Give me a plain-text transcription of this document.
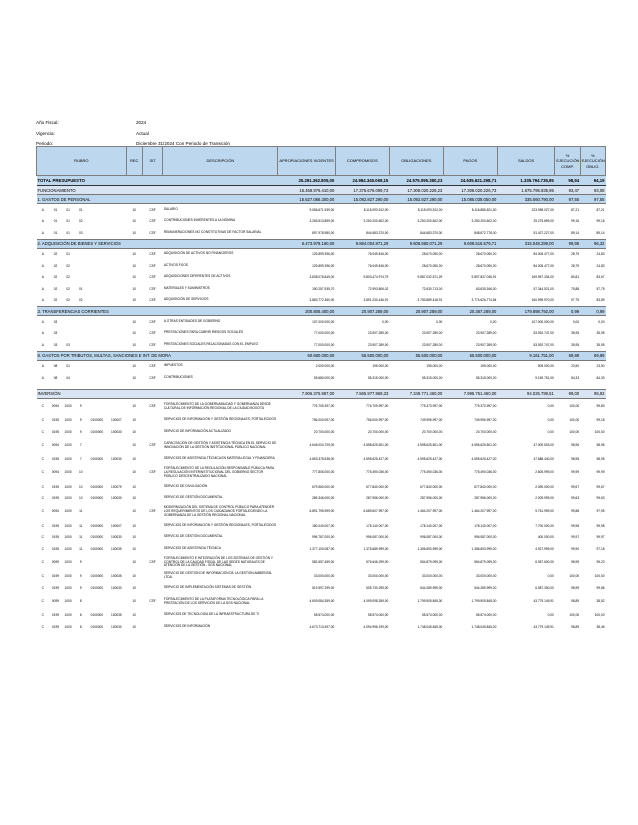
Año Fiscal:	2024
Vigencia:	Actual
Periodo:	Diciembre 31/2024 Con Periodo de Transición
RUBRO						REC	SIT	DESCRIPCIÓN	APROPIACIONES VIGENTES	COMPROMISOS	OBLIGACIONES	PAGOS	SALDOS	% EJECUCIÓN COMP.	% EJECUCIÓN OBLIG.
TOTAL PRESUPUESTO									25.291.362.805,00	24.984.345.069,15	24.575.095.380,23	24.635.621.298,71	1.335.794.735,95	98,94	94,19
FUNCIONAMIENTO									16.458.976.410,00	17.375.676.099,73	17.308.020.226,23	17.308.020.226,73	1.675.795.935,95	93,47	93,08
1. GASTOS DE PERSONAL									15.627.086.300,00	15.092.827.290,00	15.092.827.290,00	15.085.038.050,00	335.060.790,00	97,55	97,55
A	01	01	01			10	CSF	SALARIO	9.086.671.939,00	8.115.093.912,00	8.115.093.912,00	8.116.886.521,00	223.098.027,00	87,21	87,21
A	01	01	02			10	CSF	CONTRIBUCIONES INHERENTES A LA NÓMINA	3.265.513.899,00	3.250.200.602,00	3.250.200.602,00	3.250.200.602,00	29.275.899,00	99,16	99,16
A	01	01	03			10	CSF	REMUNERACIONES NO CONSTITUTIVAS DE FACTOR SALARIAL	897.978.980,00	844.683.370,00	844.683.370,00	848.672.778,00	51.427.227,00	89,14	89,14
2. ADQUISICIÓN DE BIENES Y SERVICIOS									6.473.978.160,00	9.884.004.871,29	9.608.860.071,29	9.608.516.579,71	315.048.289,00	99,96	96,32
A	02	01				10	CSF	ADQUISICIÓN DE ACTIVOS NO FINANCIEROS	129.899.396,00	76.049.816,00	28.670.050,00	28.670.050,00	84.005.477,00	28,79	24,83
A	02	02				10	CSF	ACTIVOS FIJOS	129.899.396,00	76.049.816,00	28.670.050,00	28.670.050,00	84.005.477,00	28,79	24,83
A	02	02				10	CSF	ADQUISICIONES DIFERENTES DE ACTIVOS	3.838.076.845,00	9.803.474.974,79	9.887.032.571,29	9.897.837.046,91	169.957.334,00	80,81	83,67
A	02	02	01			10	CSF	MATERIALES Y SUMINISTROS	190.257.935,70	72.993.806,02	72.630.713,00	63.635.166,00	57.344.521,00	75,88	57,75
A	02	02	02			10	CSF	ADQUISICIÓN DE SERVICIOS	3.883.772.360,00	3.891.230.446,91	3.783.889.418,91	3.774.626.774,84	160.599.970,00	97,79	83,89
3. TRANSFERENCIAS CORRIENTES									200.806.400,00	20.907.289,00	20.907.289,00	20.367.289,00	179.898.792,00	0,99	0,99
A	03					10	CSF	A OTRAS ENTIDADES DE GOBIERNO	107.000.000,00	0,00	0,00	0,00	107.000.000,00	0,00	0,00
A	03					10	CSF	PRESTACIONES PARA CUBRIR RIESGOS SOCIALES	77.000.000,00	23.907.289,00	23.907.289,00	23.907.289,00	53.092.747,00	35,95	35,95
A	03	03				10	CSF	PRESTACIONES SOCIALES RELACIONADAS CON EL EMPLEO	77.000.000,00	23.907.289,00	23.907.289,00	23.907.289,00	53.092.747,00	35,95	35,95
8. GASTOS POR TRIBUTOS, MULTAS, SANCIONES E INT. DE MORA									60.680.000,00	55.500.000,00	55.500.000,00	55.500.000,00	9.161.751,00	69,89	69,89
A	08	01				10	CSF	IMPUESTOS	2.000.000,00	195.000,00	195.000,00	195.000,00	505.000,00	23,50	23,50
A	08	04				10	CSF	CONTRIBUCIONES	55.680.000,00	55.315.000,00	55.315.000,00	55.315.000,00	9.169.751,00	84,33	84,33

INVERSIÓN									7.906.375.987,00	7.565.977.969,33	7.349.771.460,00	7.995.751.460,00	94.025.799,51	99,00	95,92
C	0094	1000	9			10	CSF	FORTALECIMIENTO DE LA GOBERNABILIDAD Y GOBERNANZA DESDE CULTURAL DE INFORMACIÓN REGIONAL DE LA CIUDAD BOGOTÁ	776.705.397,00	776.709.997,00	775.370.997,00	775.370.997,00	0,00	100,00	99,83
C	0195	1000	9	0100000	100007	10		SERVICIOS DE INFORMACIÓN Y GESTIÓN REGIONALES, FORTALECIDOS	756.000.097,00	756.000.997,00	749.996.997,00	749.996.997,00	0,00	100,00	99,18
C	0195	1000	9	0100000	100030	10		SERVICIO DE INFORMACIÓN ACTUALIZADO	20.700.000,00	20.700.000,00	20.700.000,00	20.700.000,00	0,00	100,00	100,00
C	0094	1000	7			10	CSF	CAPACITACIÓN DE GESTIÓN Y ASISTENCIA TÉCNICA EN EL SERVICIO DE INNOVACIÓN DE LA GESTIÓN INSTITUCIONAL PÚBLICO NACIONAL	4.646.004.709,00	4.598.625.501,00	4.598.625.501,00	4.596.625.501,00	47.000.503,00	98,96	98,96
C	0195	1000	7	0100000	100030	10		SERVICIOS DE ASISTENCIA TÉCNICA EN MATERIA LEGAL Y FINANCIERA	4.653.378.538,00	4.595.625.427,00	4.595.625.427,00	4.595.625.427,00	47.688.440,00	98,95	98,95
C	0094	1000	10			10	CSF	FORTALECIMIENTO DE LA REGULACIÓN RESPONSABLE PÚBLICA PARA LA REGULACIÓN INTERINSTITUCIONAL DEL GOBIERNO SECTOR PÚBLICO DESCENTRALIZADO NACIONAL	777.806.000,00	775.490.036,00	775.490.036,00	775.490.036,00	2.605.999,00	99,99	99,99
C	0195	1000	10	0100000	100079	10		SERVICIO DE DIVULGACIÓN	679.560.000,00	677.840.000,00	677.840.000,00	677.840.000,00	2.090.000,00	99,67	99,67
C	0195	1000	10	0100000	100030	10		SERVICIO DE GESTIÓN DOCUMENTAL	289.346.000,00	287.956.000,00	287.956.000,00	287.956.000,00	2.009.999,00	99,63	99,63
C	0094	1000	11			10	CSF	MODERNIZACIÓN DEL SISTEMA DE CONTROL PÚBLICO PARA ATENDER LOS REQUERIMIENTOS DE LOS CIUDADANOS FORTALECIENDO LA GOBERNANZA DE LA GESTIÓN REGIONAL NACIONAL	6.891.795.999,00	6.689.607.997,00	1.464.207.997,00	1.464.207.997,00	9.761.999,00	99,88	97,95
C	0195	1000	11	0100000	100007	10		SERVICIOS DE INFORMACIÓN Y GESTIÓN REGIONALES, FORTALECIDOS	180.040.007,00	178.140.007,00	178.140.007,00	178.140.007,00	7.700.000,00	99,98	99,98
C	0195	1000	11	0100000	100030	10		SERVICIO DE GESTIÓN DOCUMENTAL	996.787.000,00	996.087.000,00	996.087.000,00	996.087.000,00	400.000,00	99,97	99,97
C	0195	1000	11	0100000	100035	10		SERVICIOS DE ASISTENCIA TÉCNICA	1.377.100.087,00	1.375.689.999,00	1.356.693.999,00	1.356.693.999,00	4.927.999,00	99,90	97,18
C	0099	1000	9			10	CSF	FORTALECIMIENTO E INTEGRACIÓN DE LOS SISTEMAS DE GESTIÓN Y CONTROL DE LA CALIDAD FISCAL DE LAS SEDES NATURALES DE ATENCIÓN DE LA GESTIÓN - SGS NACIONAL	582.657.459,00	576.646.299,00	554.879.099,00	554.879.099,00	6.057.600,00	98,99	95,23
C	0199	1000	9	0100000	100035	10		SERVICIO DE GESTIÓN DE INFORMACIÓN DE LA GESTIÓN AMBIENTAL LTDA.	33.000.000,00	33.000.000,00	33.000.000,00	33.000.000,00	0,00	100,00	100,00
C	0199	1000	9	0100000	100030	10		SERVICIO DE IMPLEMENTACIÓN SISTEMAS DE GESTIÓN	519.997.299,00	505.730.299,00	544.289.999,00	544.289.999,00	6.087.300,00	98,99	99,86
C	0099	1000	8			10	CSF	FORTALECIMIENTO DE LA PLATAFORMA TECNOLÓGICA PARA LA PRESTACIÓN DE LOS SERVICIOS DE LA SGS NACIONAL	4.609.084.359,00	4.099.098.359,00	1.799.905.845,00	1.799.905.845,00	43.779.149,91	98,89	38,52
C	0199	1000	8	0100000	100035	10		SERVICIOS DE TECNOLOGÍA DE LA INFRAESTRUCTURA DE TI	55.574.000,00	55.574.000,00	55.574.000,00	55.574.000,00	0,00	100,00	100,00
C	0199	1000	8	0100000	100030	10		SERVICIOS DE INFORMACIÓN	4.673.713.497,00	4.094.996.199,00	1.748.045.845,00	1.748.045.845,00	43.779.149,91	98,89	38,46
